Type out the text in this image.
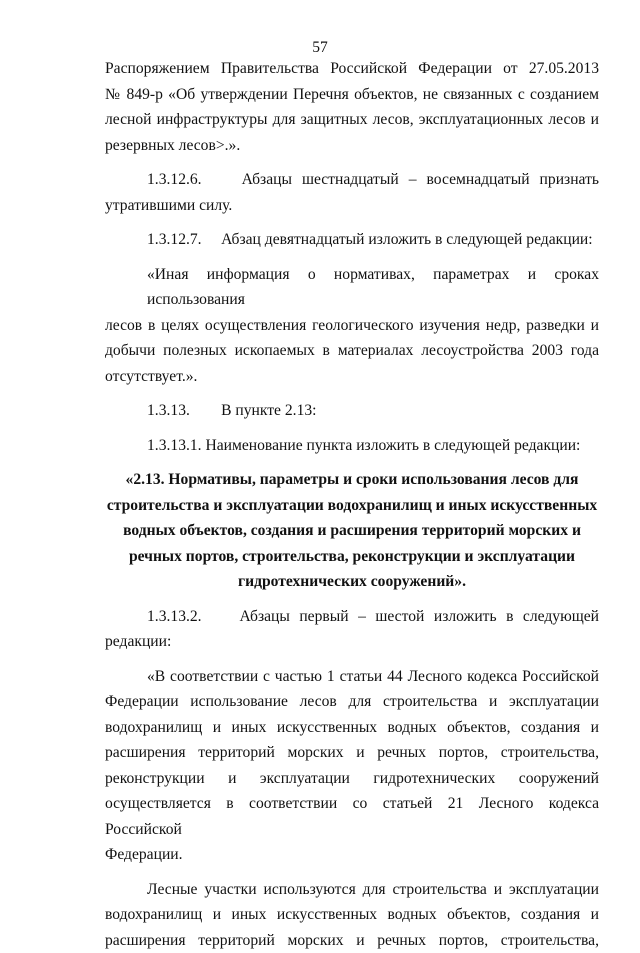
57

Распоряжением Правительства Российской Федерации от 27.05.2013

№ 849-р «Об утверждении Перечня объектов, не связанных с созданием

лесной инфраструктуры для защитных лесов, эксплуатационных лесов и

резервных лесов>.».

1.3.12.6.	Абзацы шестнадцатый – восемнадцатый признать

утратившими силу.

1.3.12.7. Абзац девятнадцатый изложить в следующей редакции:

«Иная информация о нормативах, параметрах и сроках использования

лесов в целях осуществления геологического изучения недр, разведки и

добычи полезных ископаемых в материалах лесоустройства 2003 года

отсутствует.».

1.3.13. В пункте 2.13:

1.3.13.1. Наименование пункта изложить в следующей редакции:

«2.13. Нормативы, параметры и сроки использования лесов для

строительства и эксплуатации водохранилищ и иных искусственных

водных объектов, создания и расширения территорий морских и

речных портов, строительства, реконструкции и эксплуатации

гидротехнических сооружений».

1.3.13.2. Абзацы первый – шестой изложить в следующей

редакции:

«В соответствии с частью 1 статьи 44 Лесного кодекса Российской

Федерации использование лесов для строительства и эксплуатации

водохранилищ и иных искусственных водных объектов, создания и

расширения территорий морских и речных портов, строительства,

реконструкции и эксплуатации гидротехнических сооружений

осуществляется в соответствии со статьей 21 Лесного кодекса Российской

Федерации.

Лесные участки используются для строительства и эксплуатации

водохранилищ и иных искусственных водных объектов, создания и

расширения территорий морских и речных портов, строительства,
